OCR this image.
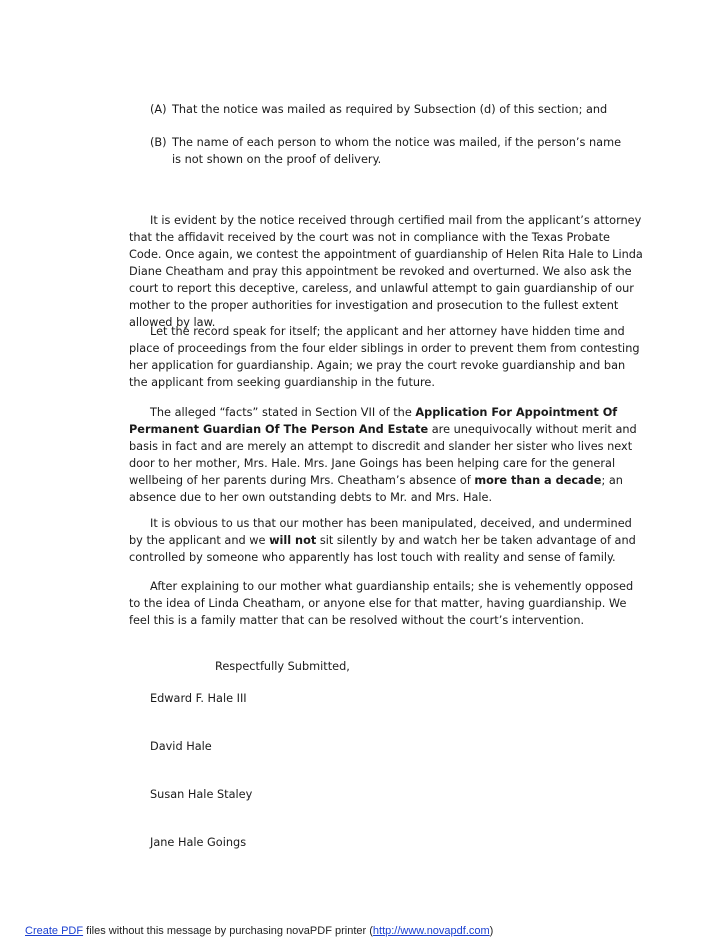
(A) That the notice was mailed as required by Subsection (d) of this section; and
(B) The name of each person to whom the notice was mailed, if the person’s name is not shown on the proof of delivery.

It is evident by the notice received through certified mail from the applicant’s attorney that the affidavit received by the court was not in compliance with the Texas Probate Code. Once again, we contest the appointment of guardianship of Helen Rita Hale to Linda Diane Cheatham and pray this appointment be revoked and overturned. We also ask the court to report this deceptive, careless, and unlawful attempt to gain guardianship of our mother to the proper authorities for investigation and prosecution to the fullest extent allowed by law.

Let the record speak for itself; the applicant and her attorney have hidden time and place of proceedings from the four elder siblings in order to prevent them from contesting her application for guardianship. Again; we pray the court revoke guardianship and ban the applicant from seeking guardianship in the future.

The alleged “facts” stated in Section VII of the Application For Appointment Of Permanent Guardian Of The Person And Estate are unequivocally without merit and basis in fact and are merely an attempt to discredit and slander her sister who lives next door to her mother, Mrs. Hale. Mrs. Jane Goings has been helping care for the general wellbeing of her parents during Mrs. Cheatham’s absence of more than a decade; an absence due to her own outstanding debts to Mr. and Mrs. Hale.

It is obvious to us that our mother has been manipulated, deceived, and undermined by the applicant and we will not sit silently by and watch her be taken advantage of and controlled by someone who apparently has lost touch with reality and sense of family.

After explaining to our mother what guardianship entails; she is vehemently opposed to the idea of Linda Cheatham, or anyone else for that matter, having guardianship. We feel this is a family matter that can be resolved without the court’s intervention.

Respectfully Submitted,
Edward F. Hale III
David Hale
Susan Hale Staley
Jane Hale Goings
Create PDF files without this message by purchasing novaPDF printer (http://www.novapdf.com)
